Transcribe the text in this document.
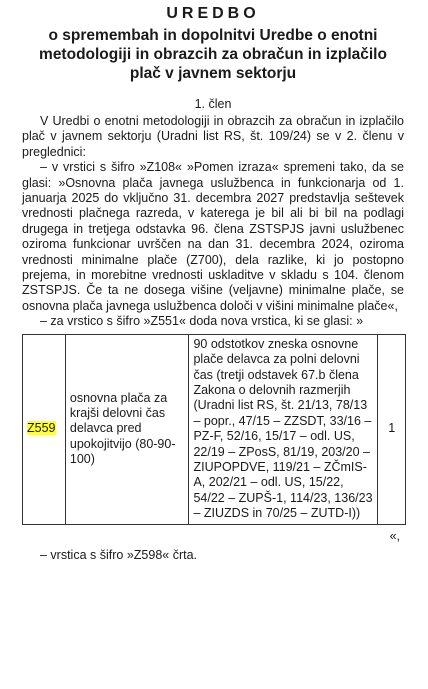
UREDBO
o spremembah in dopolnitvi Uredbe o enotni metodologiji in obrazcih za obračun in izplačilo plač v javnem sektorju
1. člen

V Uredbi o enotni metodologiji in obrazcih za obračun in izplačilo plač v javnem sektorju (Uradni list RS, št. 109/24) se v 2. členu v preglednici:

– v vrstici s šifro »Z108« »Pomen izraza« spremeni tako, da se glasi: »Osnovna plača javnega uslužbenca in funkcionarja od 1. januarja 2025 do vključno 31. decembra 2027 predstavlja seštevek vrednosti plačnega razreda, v katerega je bil ali bi bil na podlagi drugega in tretjega odstavka 96. člena ZSTSPJS javni uslužbenec oziroma funkcionar uvrščen na dan 31. decembra 2024, oziroma vrednosti minimalne plače (Z700), dela razlike, ki jo postopno prejema, in morebitne vrednosti uskladitve v skladu s 104. členom ZSTSPJS. Če ta ne dosega višine (veljavne) minimalne plače, se osnovna plača javnega uslužbenca določi v višini minimalne plače«,

– za vrstico s šifro »Z551« doda nova vrstica, ki se glasi: »

Z559	osnovna plača za krajši delovni čas delavca pred upokojitvijo (80-90-100)	90 odstotkov zneska osnovne plače delavca za polni delovni čas (tretji odstavek 67.b člena Zakona o delovnih razmerjih (Uradni list RS, št. 21/13, 78/13 – popr., 47/15 – ZZSDT, 33/16 – PZ-F, 52/16, 15/17 – odl. US, 22/19 – ZPosS, 81/19, 203/20 – ZIUPOPDVE, 119/21 – ZČmIS-A, 202/21 – odl. US, 15/22, 54/22 – ZUPŠ-1, 114/23, 136/23 – ZIUZDS in 70/25 – ZUTD-I))	1
«,
– vrstica s šifro »Z598« črta.
